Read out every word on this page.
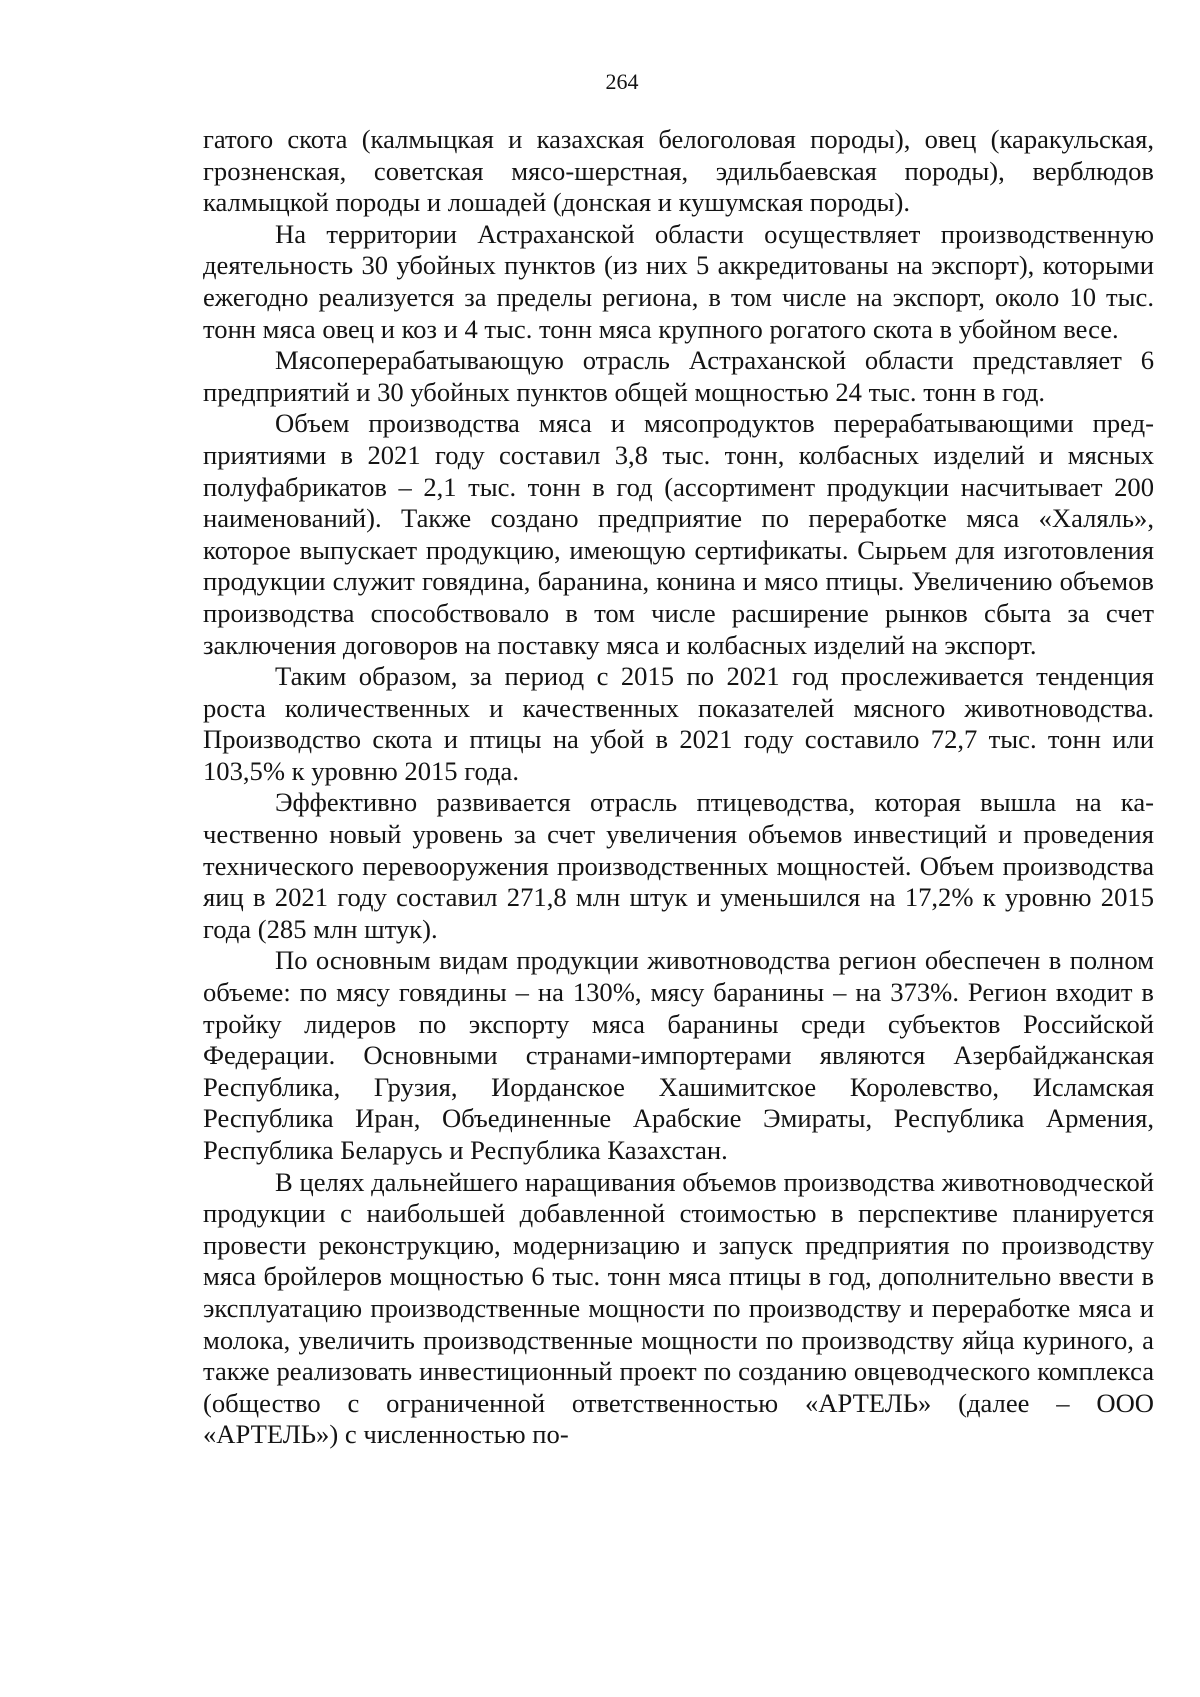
264

гатого скота (калмыцкая и казахская белоголовая породы), овец (каракульская, грозненская, советская мясо-шерстная, эдильбаевская породы), верблюдов калмыцкой породы и лошадей (донская и кушумская породы).

На территории Астраханской области осуществляет производственную деятельность 30 убойных пунктов (из них 5 аккредитованы на экспорт), которыми ежегодно реализуется за пределы региона, в том числе на экспорт, около 10 тыс. тонн мяса овец и коз и 4 тыс. тонн мяса крупного рогатого скота в убойном весе.

Мясоперерабатывающую отрасль Астраханской области представляет 6 предприятий и 30 убойных пунктов общей мощностью 24 тыс. тонн в год.

Объем производства мяса и мясопродуктов перерабатывающими предприятиями в 2021 году составил 3,8 тыс. тонн, колбасных изделий и мясных полуфабрикатов – 2,1 тыс. тонн в год (ассортимент продукции насчитывает 200 наименований). Также создано предприятие по переработке мяса «Халяль», которое выпускает продукцию, имеющую сертификаты. Сырьем для изготовления продукции служит говядина, баранина, конина и мясо птицы. Увеличению объемов производства способствовало в том числе расширение рынков сбыта за счет заключения договоров на поставку мяса и колбасных изделий на экспорт.

Таким образом, за период с 2015 по 2021 год прослеживается тенденция роста количественных и качественных показателей мясного животноводства. Производство скота и птицы на убой в 2021 году составило 72,7 тыс. тонн или 103,5% к уровню 2015 года.

Эффективно развивается отрасль птицеводства, которая вышла на качественно новый уровень за счет увеличения объемов инвестиций и проведения технического перевооружения производственных мощностей. Объем производства яиц в 2021 году составил 271,8 млн штук и уменьшился на 17,2% к уровню 2015 года (285 млн штук).

По основным видам продукции животноводства регион обеспечен в полном объеме: по мясу говядины – на 130%, мясу баранины – на 373%. Регион входит в тройку лидеров по экспорту мяса баранины среди субъектов Российской Федерации. Основными странами-импортерами являются Азербайджанская Республика, Грузия, Иорданское Хашимитское Королевство, Исламская Республика Иран, Объединенные Арабские Эмираты, Республика Армения, Республика Беларусь и Республика Казахстан.

В целях дальнейшего наращивания объемов производства животноводческой продукции с наибольшей добавленной стоимостью в перспективе планируется провести реконструкцию, модернизацию и запуск предприятия по производству мяса бройлеров мощностью 6 тыс. тонн мяса птицы в год, дополнительно ввести в эксплуатацию производственные мощности по производству и переработке мяса и молока, увеличить производственные мощности по производству яйца куриного, а также реализовать инвестиционный проект по созданию овцеводческого комплекса (общество с ограниченной ответственностью «АРТЕЛЬ» (далее – ООО «АРТЕЛЬ») с численностью по-
